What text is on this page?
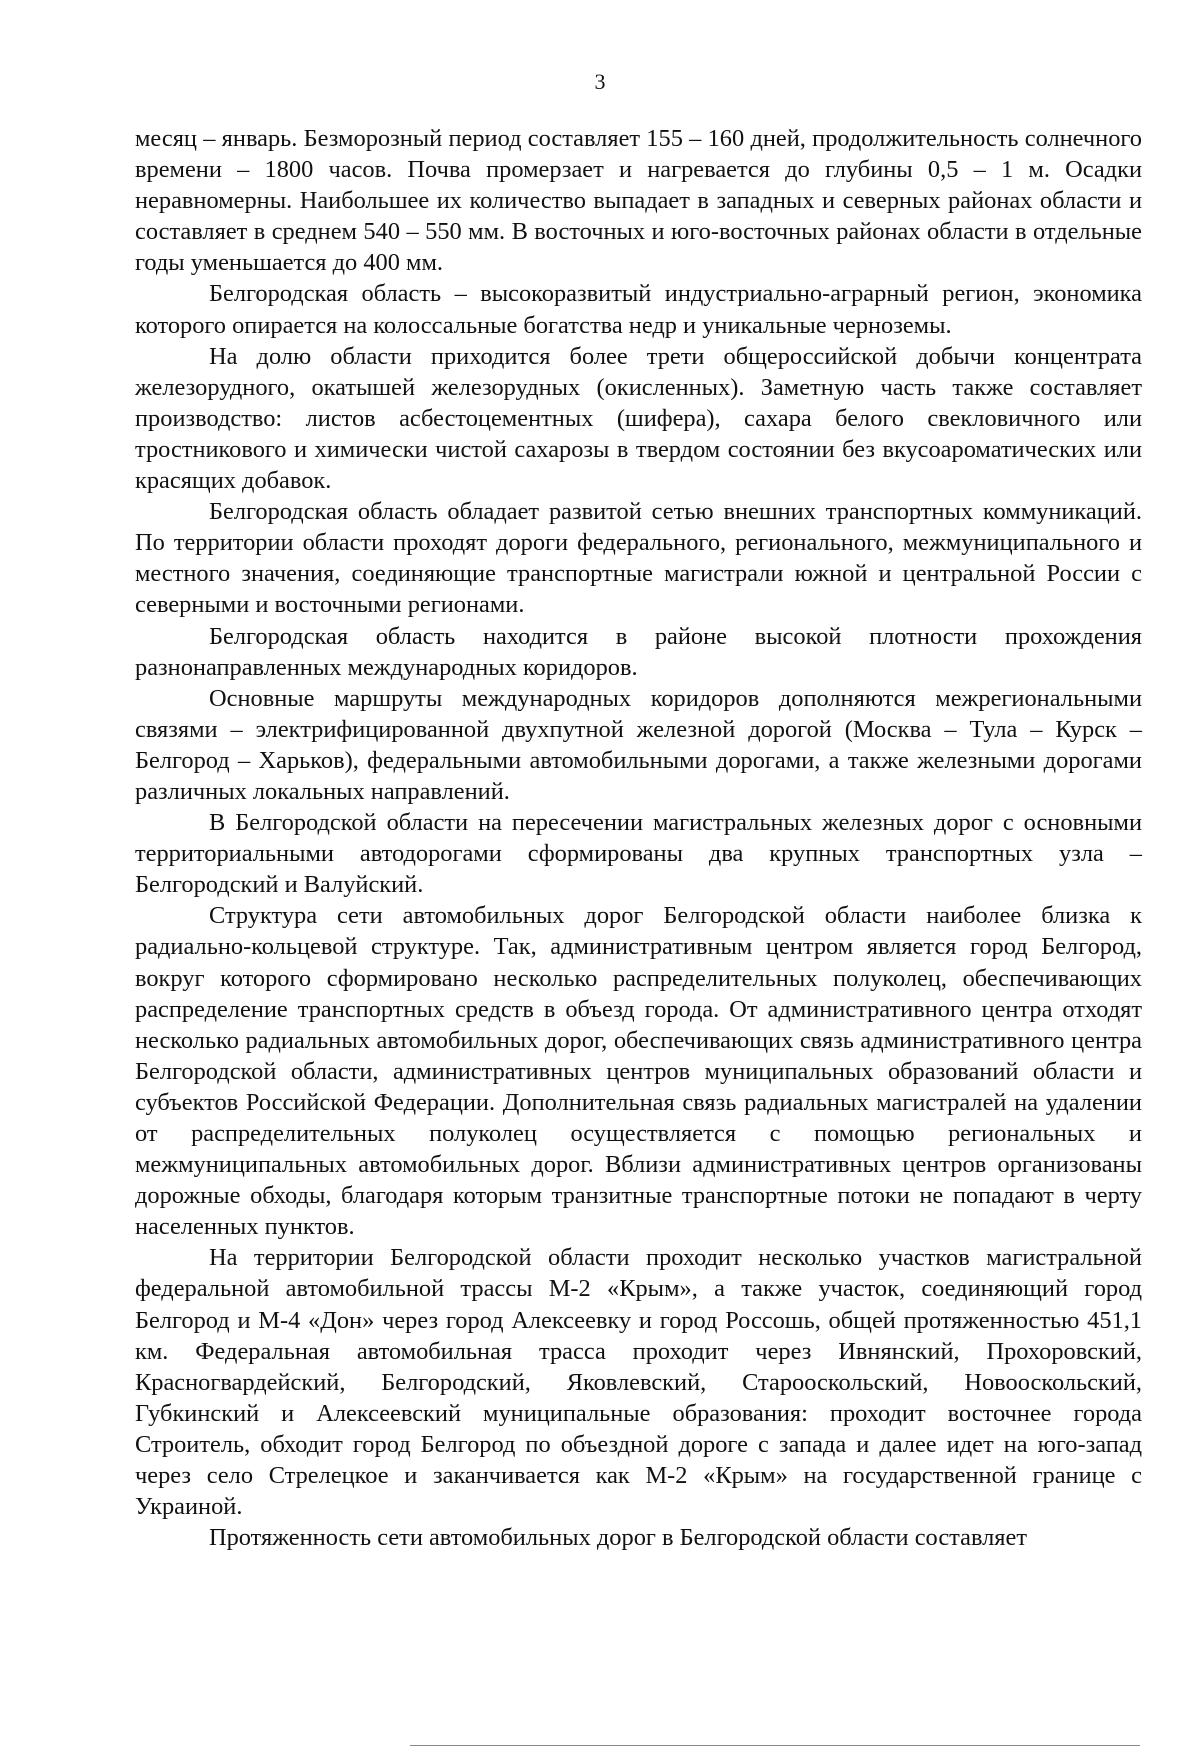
3

месяц – январь. Безморозный период составляет 155 – 160 дней, продолжительность солнечного времени – 1800 часов. Почва промерзает и нагревается до глубины 0,5 – 1 м. Осадки неравномерны. Наибольшее их количество выпадает в западных и северных районах области и составляет в среднем 540 – 550 мм. В восточных и юго-восточных районах области в отдельные годы уменьшается до 400 мм.

Белгородская область – высокоразвитый индустриально-аграрный регион, экономика которого опирается на колоссальные богатства недр и уникальные черноземы.

На долю области приходится более трети общероссийской добычи концентрата железорудного, окатышей железорудных (окисленных). Заметную часть также составляет производство: листов асбестоцементных (шифера), сахара белого свекловичного или тростникового и химически чистой сахарозы в твердом состоянии без вкусоароматических или красящих добавок.

Белгородская область обладает развитой сетью внешних транспортных коммуникаций. По территории области проходят дороги федерального, регионального, межмуниципального и местного значения, соединяющие транспортные магистрали южной и центральной России с северными и восточными регионами.

Белгородская область находится в районе высокой плотности прохождения разнонаправленных международных коридоров.

Основные маршруты международных коридоров дополняются межрегиональными связями – электрифицированной двухпутной железной дорогой (Москва – Тула – Курск – Белгород – Харьков), федеральными автомобильными дорогами, а также железными дорогами различных локальных направлений.

В Белгородской области на пересечении магистральных железных дорог с основными территориальными автодорогами сформированы два крупных транспортных узла – Белгородский и Валуйский.

Структура сети автомобильных дорог Белгородской области наиболее близка к радиально-кольцевой структуре. Так, административным центром является город Белгород, вокруг которого сформировано несколько распределительных полуколец, обеспечивающих распределение транспортных средств в объезд города. От административного центра отходят несколько радиальных автомобильных дорог, обеспечивающих связь административного центра Белгородской области, административных центров муниципальных образований области и субъектов Российской Федерации. Дополнительная связь радиальных магистралей на удалении от распределительных полуколец осуществляется с помощью региональных и межмуниципальных автомобильных дорог. Вблизи административных центров организованы дорожные обходы, благодаря которым транзитные транспортные потоки не попадают в черту населенных пунктов.

На территории Белгородской области проходит несколько участков магистральной федеральной автомобильной трассы М-2 «Крым», а также участок, соединяющий город Белгород и М-4 «Дон» через город Алексеевку и город Россошь, общей протяженностью 451,1 км. Федеральная автомобильная трасса проходит через Ивнянский, Прохоровский, Красногвардейский, Белгородский, Яковлевский, Старооскольский, Новооскольский, Губкинский и Алексеевский муниципальные образования: проходит восточнее города Строитель, обходит город Белгород по объездной дороге с запада и далее идет на юго-запад через село Стрелецкое и заканчивается как М-2 «Крым» на государственной границе с Украиной.

Протяженность сети автомобильных дорог в Белгородской области составляет
